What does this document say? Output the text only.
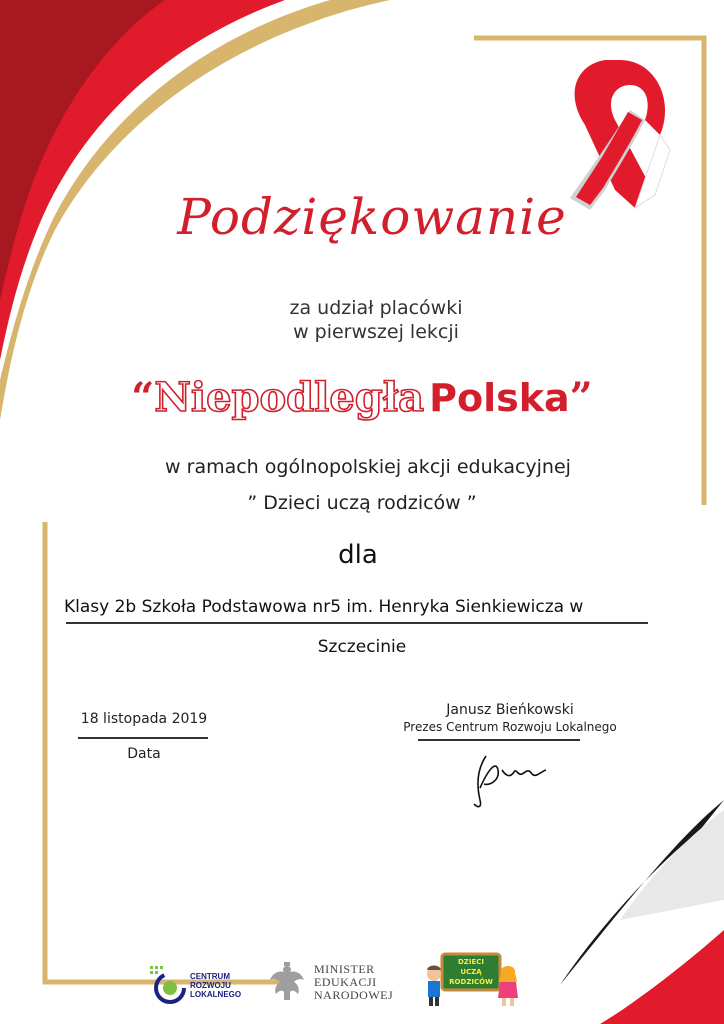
Podziękowanie
za udział placówki
w pierwszej lekcji
“Niepodległa Polska”
w ramach ogólnopolskiej akcji edukacyjnej
” Dzieci uczą rodziców ”
dla
Klasy 2b Szkoła Podstawowa nr5 im. Henryka Sienkiewicza w
Szczecinie
18 listopada 2019
Data
Janusz Bieńkowski
Prezes Centrum Rozwoju Lokalnego
CENTRUM
ROZWOJU
LOKALNEGO
MINISTER
EDUKACJI
NARODOWEJ
DZIECI
UCZĄ
RODZICÓW
